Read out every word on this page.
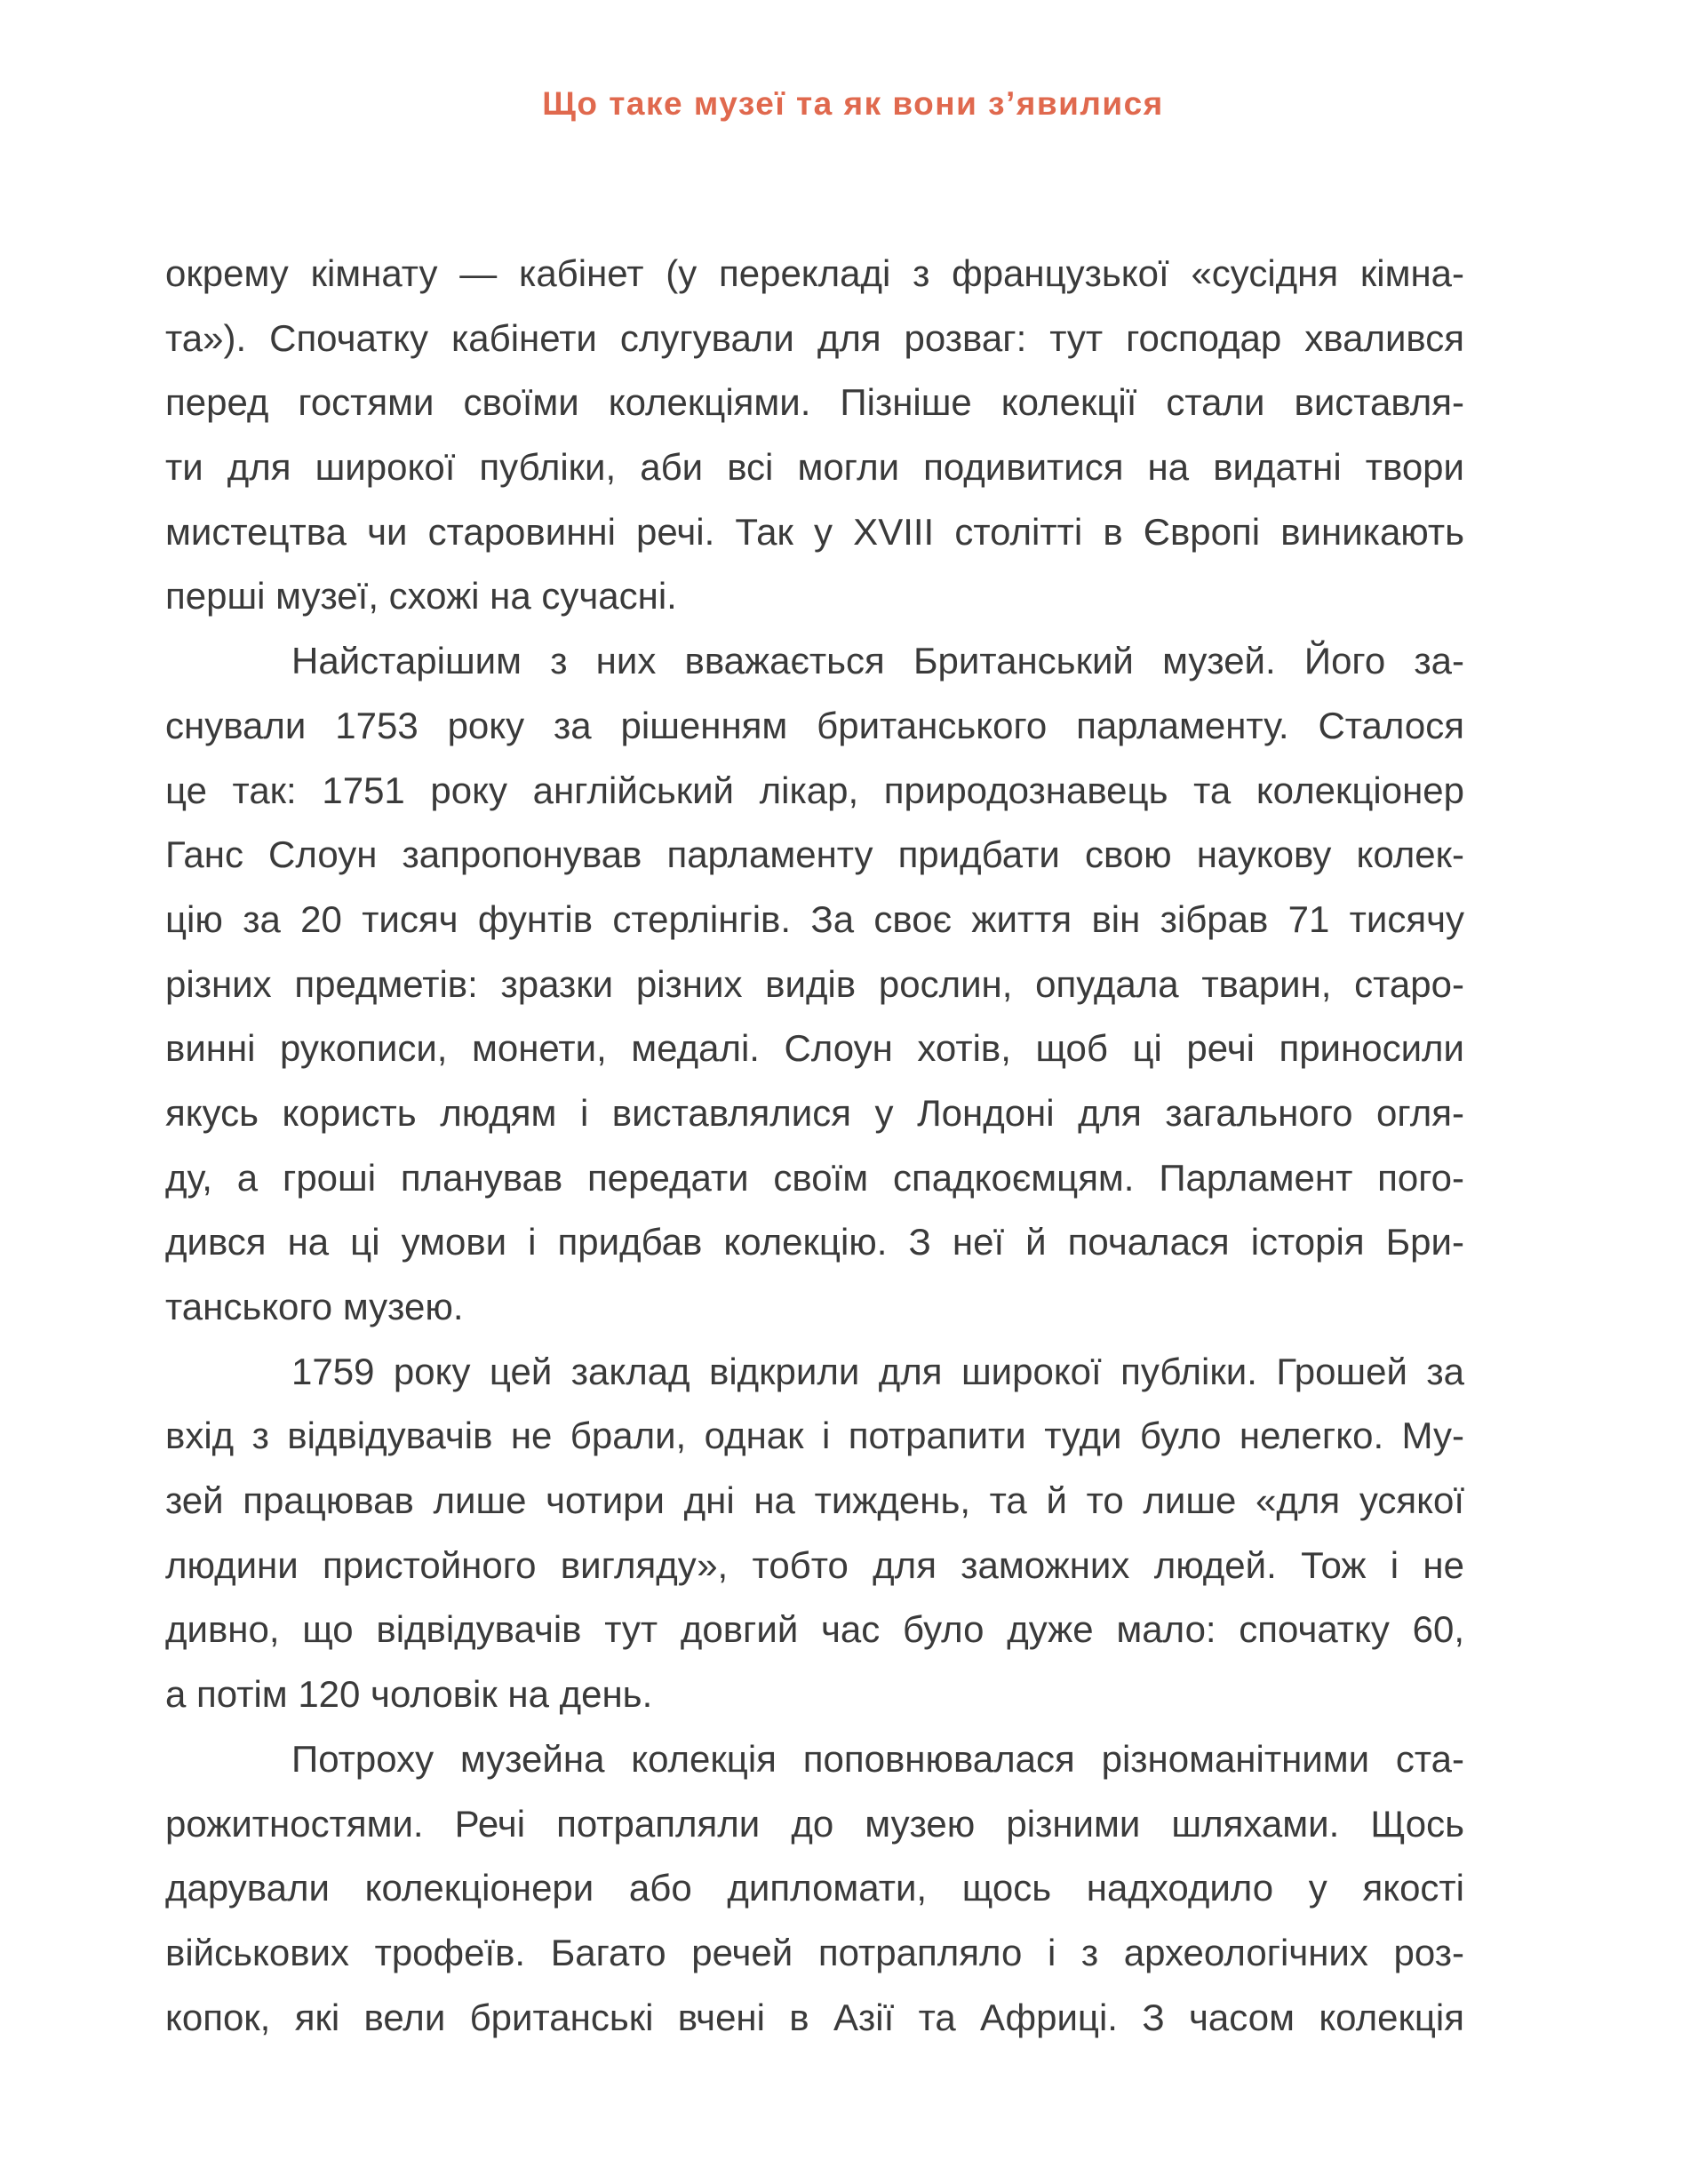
Що таке музеї та як вони з’явилися
окрему кімнату — кабінет (у перекладі з французької «сусідня кімна-
та»). Спочатку кабінети слугували для розваг: тут господар хвалився
перед гостями своїми колекціями. Пізніше колекції стали виставля-
ти для широкої публіки, аби всі могли подивитися на видатні твори
мистецтва чи старовинні речі. Так у XVIII столітті в Європі виникають
перші музеї, схожі на сучасні.
Найстарішим з них вважається Британський музей. Його за-
снували 1753 року за рішенням британського парламенту. Сталося
це так: 1751 року англійський лікар, природознавець та колекціонер
Ганс Слоун запропонував парламенту придбати свою наукову колек-
цію за 20 тисяч фунтів стерлінгів. За своє життя він зібрав 71 тисячу
різних предметів: зразки різних видів рослин, опудала тварин, старо-
винні рукописи, монети, медалі. Слоун хотів, щоб ці речі приносили
якусь користь людям і виставлялися у Лондоні для загального огля-
ду, а гроші планував передати своїм спадкоємцям. Парламент пого-
дився на ці умови і придбав колекцію. З неї й почалася історія Бри-
танського музею.
1759 року цей заклад відкрили для широкої публіки. Грошей за
вхід з відвідувачів не брали, однак і потрапити туди було нелегко. Му-
зей працював лише чотири дні на тиждень, та й то лише «для усякої
людини пристойного вигляду», тобто для заможних людей. Тож і не
дивно, що відвідувачів тут довгий час було дуже мало: спочатку 60,
а потім 120 чоловік на день.
Потроху музейна колекція поповнювалася різноманітними ста-
рожитностями. Речі потрапляли до музею різними шляхами. Щось
дарували колекціонери або дипломати, щось надходило у якості
військових трофеїв. Багато речей потрапляло і з археологічних роз-
копок, які вели британські вчені в Азії та Африці. З часом колекція
